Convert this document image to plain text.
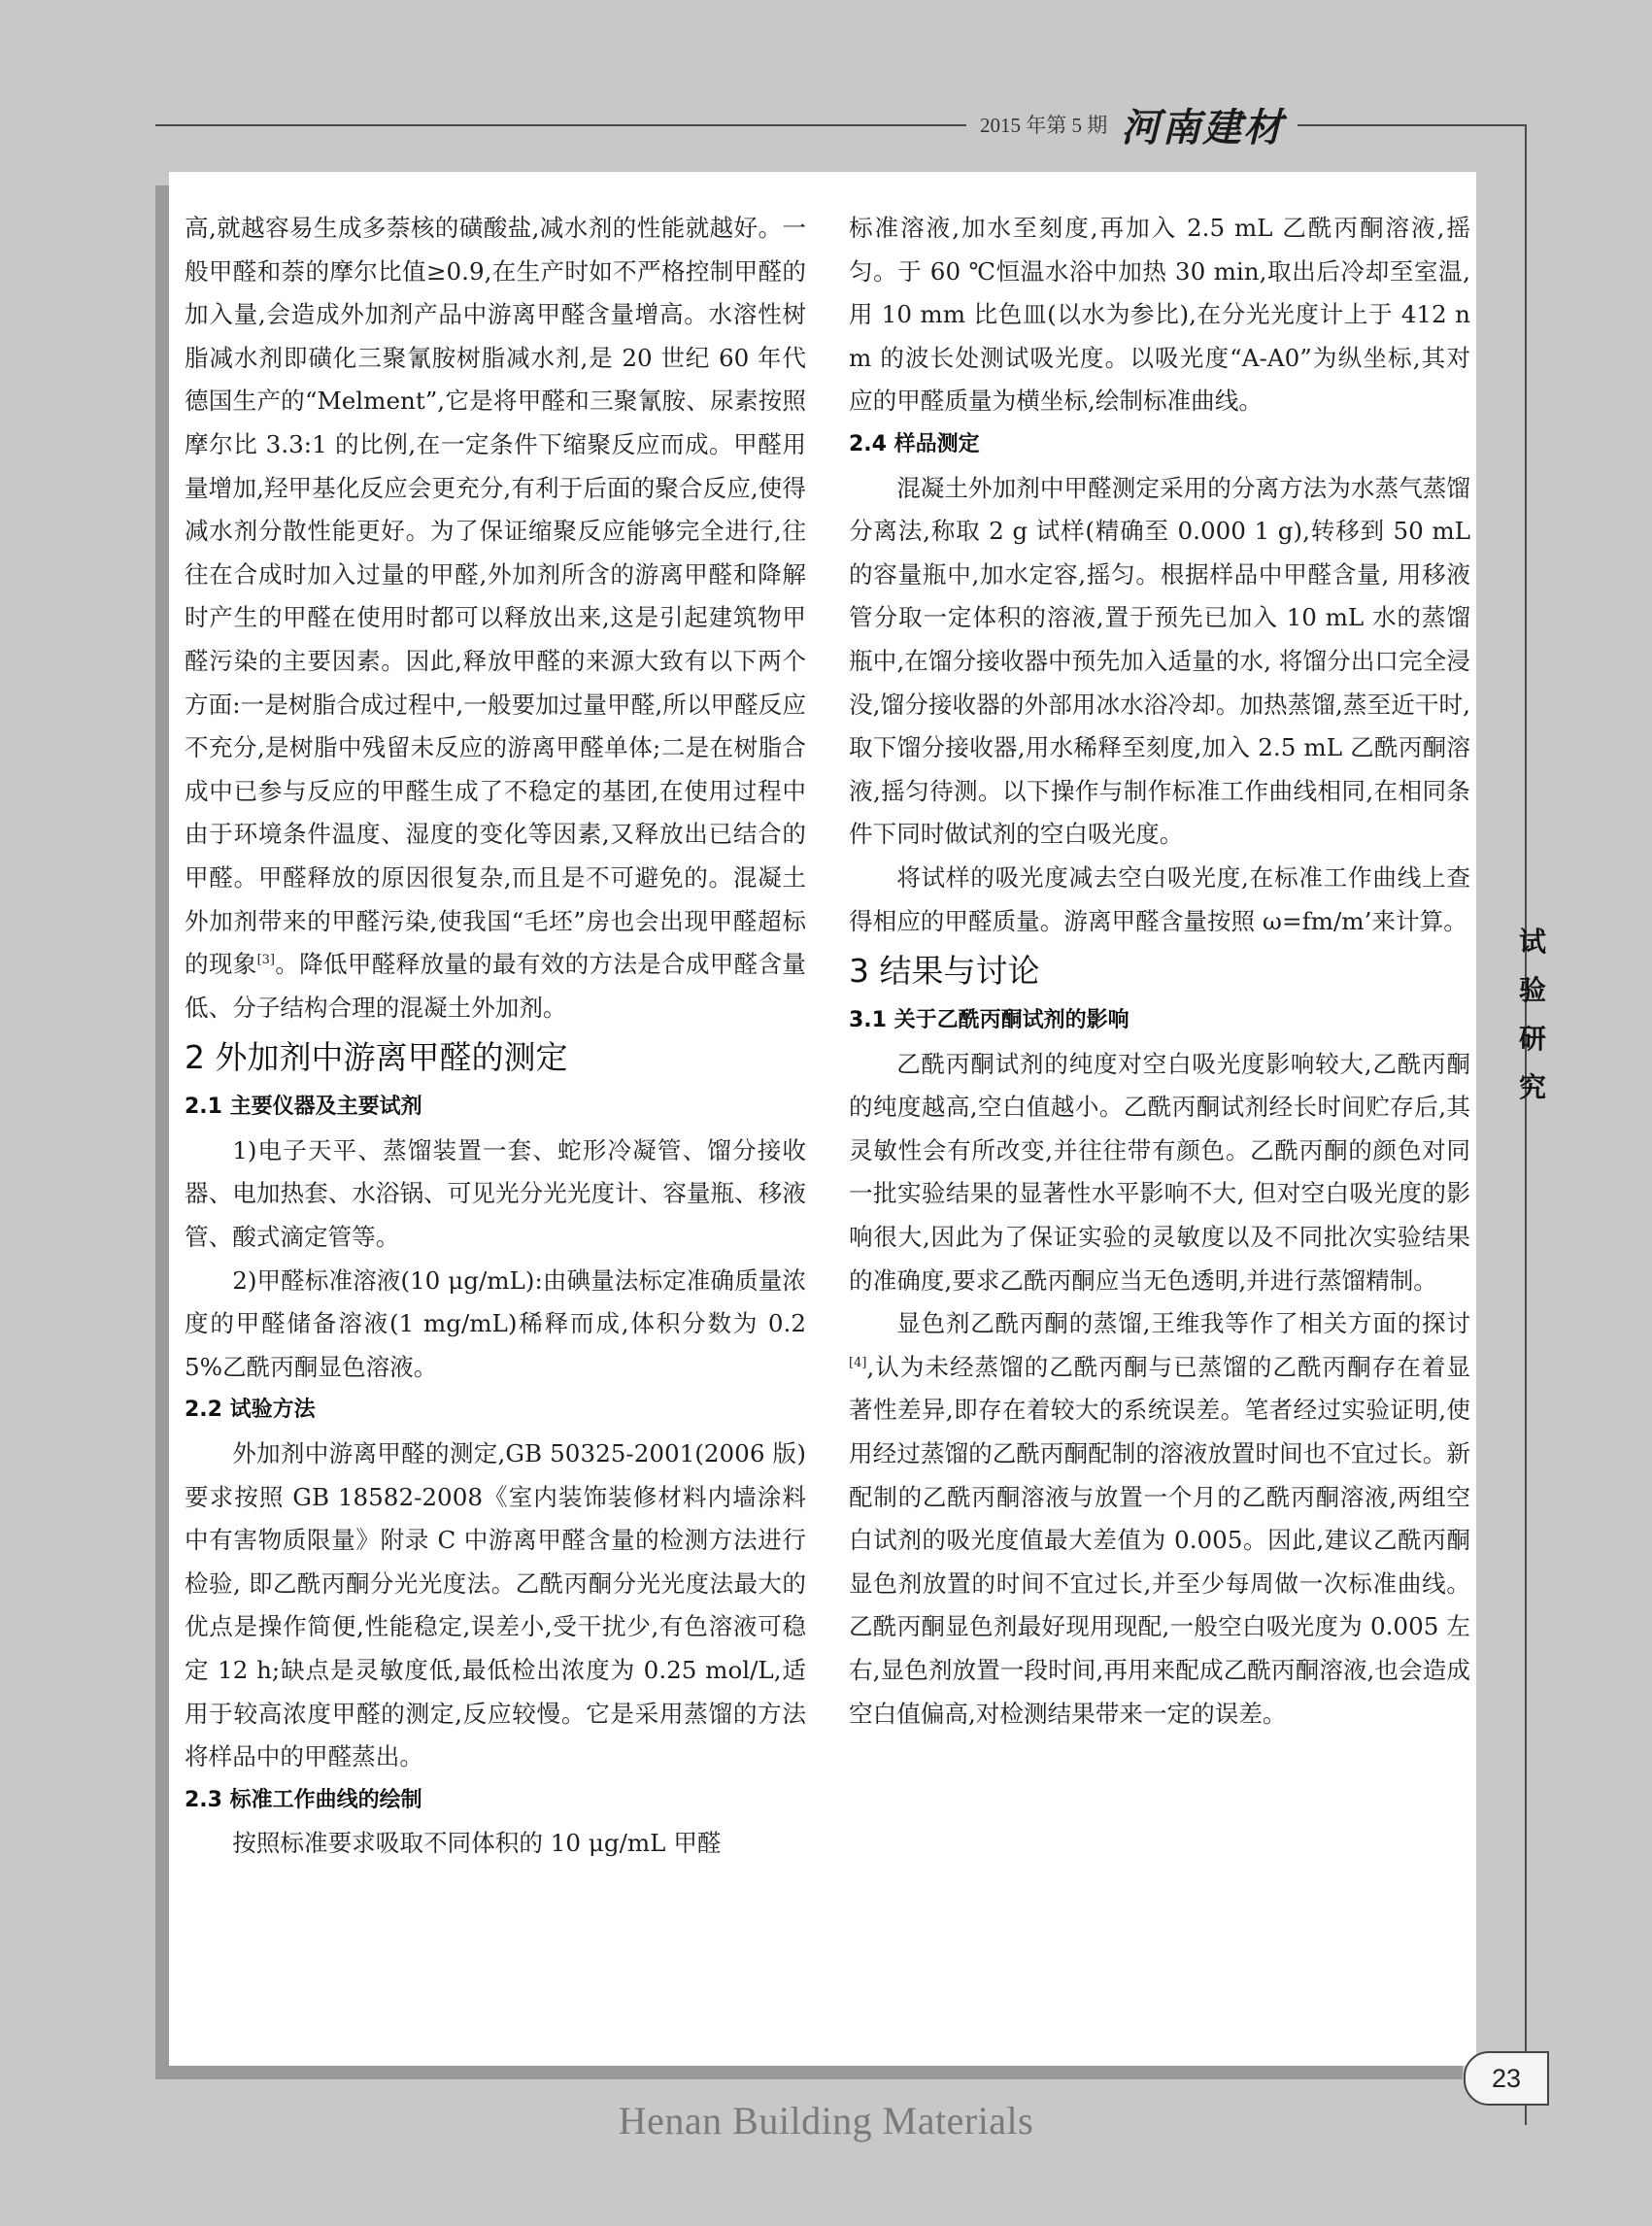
2015 年第 5 期 河南建材

高,就越容易生成多萘核的磺酸盐,减水剂的性能就越好。一般甲醛和萘的摩尔比值≥0.9,在生产时如不严格控制甲醛的加入量,会造成外加剂产品中游离甲醛含量增高。水溶性树脂减水剂即磺化三聚氰胺树脂减水剂,是 20 世纪 60 年代德国生产的“Melment”,它是将甲醛和三聚氰胺、尿素按照摩尔比 3.3:1 的比例,在一定条件下缩聚反应而成。甲醛用量增加,羟甲基化反应会更充分,有利于后面的聚合反应,使得减水剂分散性能更好。为了保证缩聚反应能够完全进行,往往在合成时加入过量的甲醛,外加剂所含的游离甲醛和降解时产生的甲醛在使用时都可以释放出来,这是引起建筑物甲醛污染的主要因素。因此,释放甲醛的来源大致有以下两个方面:一是树脂合成过程中,一般要加过量甲醛,所以甲醛反应不充分,是树脂中残留未反应的游离甲醛单体;二是在树脂合成中已参与反应的甲醛生成了不稳定的基团,在使用过程中由于环境条件温度、湿度的变化等因素,又释放出已结合的甲醛。甲醛释放的原因很复杂,而且是不可避免的。混凝土外加剂带来的甲醛污染,使我国“毛坯”房也会出现甲醛超标的现象[3]。降低甲醛释放量的最有效的方法是合成甲醛含量低、分子结构合理的混凝土外加剂。

2 外加剂中游离甲醛的测定
2.1 主要仪器及主要试剂

1)电子天平、蒸馏装置一套、蛇形冷凝管、馏分接收器、电加热套、水浴锅、可见光分光光度计、容量瓶、移液管、酸式滴定管等。

2)甲醛标准溶液(10 μg/mL):由碘量法标定准确质量浓度的甲醛储备溶液(1 mg/mL)稀释而成,体积分数为 0.25%乙酰丙酮显色溶液。

2.2 试验方法

外加剂中游离甲醛的测定,GB 50325-2001(2006 版)要求按照 GB 18582-2008《室内装饰装修材料内墙涂料中有害物质限量》附录 C 中游离甲醛含量的检测方法进行检验, 即乙酰丙酮分光光度法。乙酰丙酮分光光度法最大的优点是操作简便,性能稳定,误差小,受干扰少,有色溶液可稳定 12 h;缺点是灵敏度低,最低检出浓度为 0.25 mol/L,适用于较高浓度甲醛的测定,反应较慢。它是采用蒸馏的方法将样品中的甲醛蒸出。

2.3 标准工作曲线的绘制

按照标准要求吸取不同体积的 10 μg/mL 甲醛

标准溶液,加水至刻度,再加入 2.5 mL 乙酰丙酮溶液,摇匀。于 60 ℃恒温水浴中加热 30 min,取出后冷却至室温,用 10 mm 比色皿(以水为参比),在分光光度计上于 412 nm 的波长处测试吸光度。以吸光度“A-A0”为纵坐标,其对应的甲醛质量为横坐标,绘制标准曲线。

2.4 样品测定

混凝土外加剂中甲醛测定采用的分离方法为水蒸气蒸馏分离法,称取 2 g 试样(精确至 0.000 1 g),转移到 50 mL 的容量瓶中,加水定容,摇匀。根据样品中甲醛含量, 用移液管分取一定体积的溶液,置于预先已加入 10 mL 水的蒸馏瓶中,在馏分接收器中预先加入适量的水, 将馏分出口完全浸没,馏分接收器的外部用冰水浴冷却。加热蒸馏,蒸至近干时,取下馏分接收器,用水稀释至刻度,加入 2.5 mL 乙酰丙酮溶液,摇匀待测。以下操作与制作标准工作曲线相同,在相同条件下同时做试剂的空白吸光度。

将试样的吸光度减去空白吸光度,在标准工作曲线上查得相应的甲醛质量。游离甲醛含量按照 ω=fm/m’来计算。

3 结果与讨论
3.1 关于乙酰丙酮试剂的影响

乙酰丙酮试剂的纯度对空白吸光度影响较大,乙酰丙酮的纯度越高,空白值越小。乙酰丙酮试剂经长时间贮存后,其灵敏性会有所改变,并往往带有颜色。乙酰丙酮的颜色对同一批实验结果的显著性水平影响不大, 但对空白吸光度的影响很大,因此为了保证实验的灵敏度以及不同批次实验结果的准确度,要求乙酰丙酮应当无色透明,并进行蒸馏精制。

显色剂乙酰丙酮的蒸馏,王维我等作了相关方面的探讨[4],认为未经蒸馏的乙酰丙酮与已蒸馏的乙酰丙酮存在着显著性差异,即存在着较大的系统误差。笔者经过实验证明,使用经过蒸馏的乙酰丙酮配制的溶液放置时间也不宜过长。新配制的乙酰丙酮溶液与放置一个月的乙酰丙酮溶液,两组空白试剂的吸光度值最大差值为 0.005。因此,建议乙酰丙酮显色剂放置的时间不宜过长,并至少每周做一次标准曲线。乙酰丙酮显色剂最好现用现配,一般空白吸光度为 0.005 左右,显色剂放置一段时间,再用来配成乙酰丙酮溶液,也会造成空白值偏高,对检测结果带来一定的误差。

试
验
研
究
23
Henan Building Materials
